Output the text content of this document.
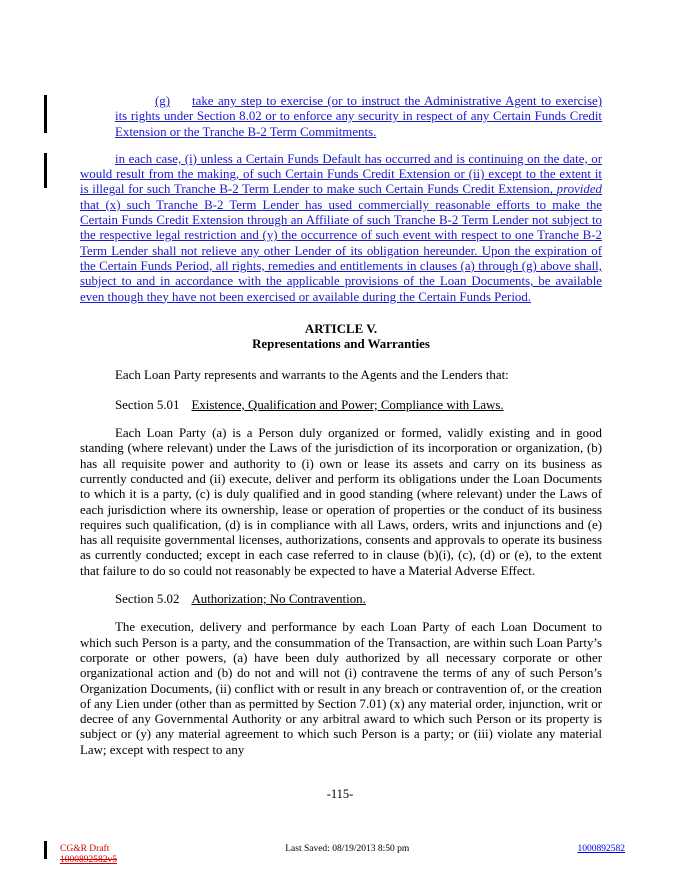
(g) take any step to exercise (or to instruct the Administrative Agent to exercise) its rights under Section 8.02 or to enforce any security in respect of any Certain Funds Credit Extension or the Tranche B-2 Term Commitments.

in each case, (i) unless a Certain Funds Default has occurred and is continuing on the date, or would result from the making, of such Certain Funds Credit Extension or (ii) except to the extent it is illegal for such Tranche B-2 Term Lender to make such Certain Funds Credit Extension, provided that (x) such Tranche B-2 Term Lender has used commercially reasonable efforts to make the Certain Funds Credit Extension through an Affiliate of such Tranche B-2 Term Lender not subject to the respective legal restriction and (y) the occurrence of such event with respect to one Tranche B-2 Term Lender shall not relieve any other Lender of its obligation hereunder. Upon the expiration of the Certain Funds Period, all rights, remedies and entitlements in clauses (a) through (g) above shall, subject to and in accordance with the applicable provisions of the Loan Documents, be available even though they have not been exercised or available during the Certain Funds Period.

ARTICLE V.

Representations and Warranties

Each Loan Party represents and warrants to the Agents and the Lenders that:

Section 5.01 Existence, Qualification and Power; Compliance with Laws.

Each Loan Party (a) is a Person duly organized or formed, validly existing and in good standing (where relevant) under the Laws of the jurisdiction of its incorporation or organization, (b) has all requisite power and authority to (i) own or lease its assets and carry on its business as currently conducted and (ii) execute, deliver and perform its obligations under the Loan Documents to which it is a party, (c) is duly qualified and in good standing (where relevant) under the Laws of each jurisdiction where its ownership, lease or operation of properties or the conduct of its business requires such qualification, (d) is in compliance with all Laws, orders, writs and injunctions and (e) has all requisite governmental licenses, authorizations, consents and approvals to operate its business as currently conducted; except in each case referred to in clause (b)(i), (c), (d) or (e), to the extent that failure to do so could not reasonably be expected to have a Material Adverse Effect.

Section 5.02 Authorization; No Contravention.

The execution, delivery and performance by each Loan Party of each Loan Document to which such Person is a party, and the consummation of the Transaction, are within such Loan Party’s corporate or other powers, (a) have been duly authorized by all necessary corporate or other organizational action and (b) do not and will not (i) contravene the terms of any of such Person’s Organization Documents, (ii) conflict with or result in any breach or contravention of, or the creation of any Lien under (other than as permitted by Section 7.01) (x) any material order, injunction, writ or decree of any Governmental Authority or any arbitral award to which such Person or its property is subject or (y) any material agreement to which such Person is a party; or (iii) violate any material Law; except with respect to any

-115-
CG&R Draft
1000892582v5
Last Saved: 08/19/2013 8:50 pm	1000892582
